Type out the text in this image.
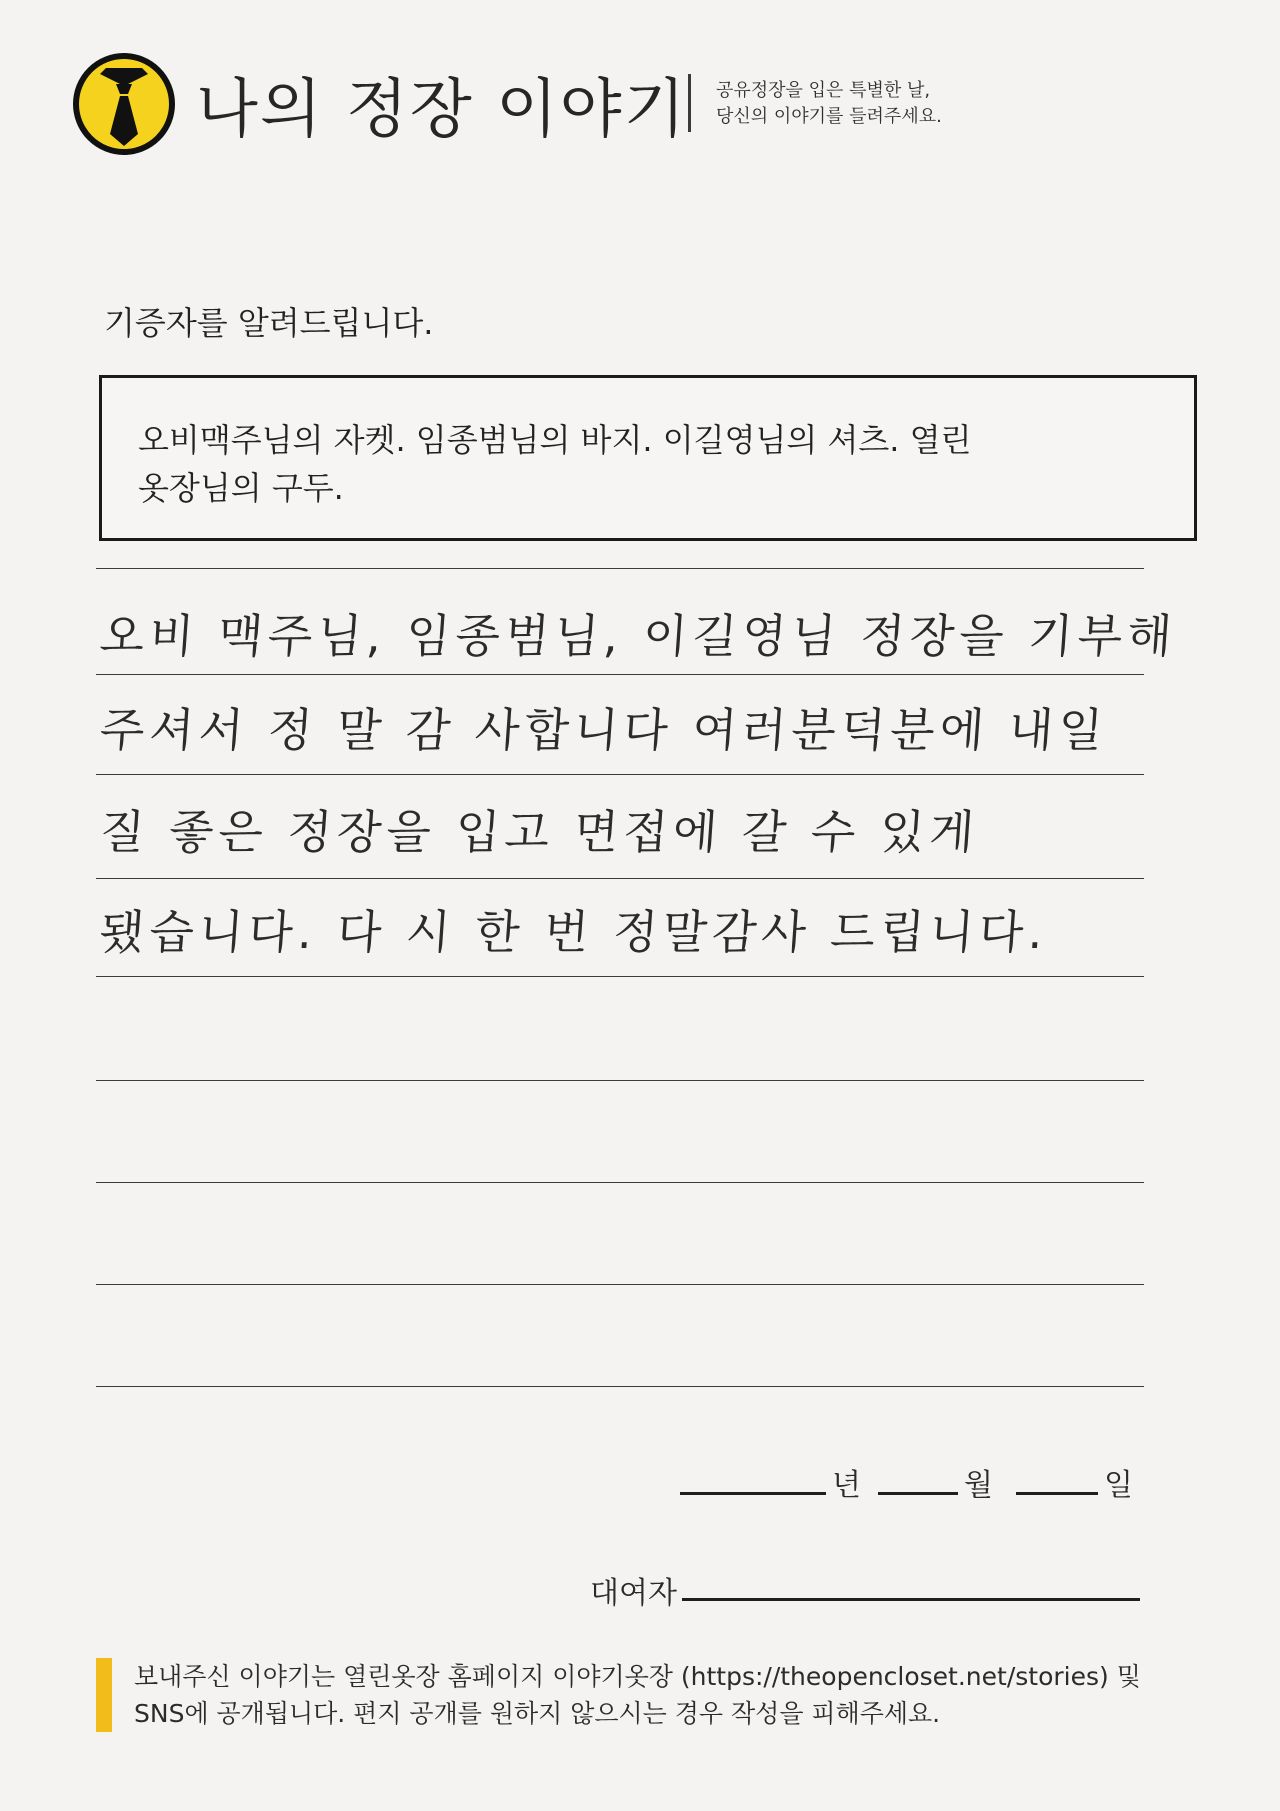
나의 정장 이야기 공유정장을 입은 특별한 날,
당신의 이야기를 들려주세요.
기증자를 알려드립니다.
오비맥주님의 자켓. 임종범님의 바지. 이길영님의 셔츠. 열린
옷장님의 구두.
오비 맥주님, 임종범님, 이길영님 정장을 기부해
주셔서 정 말 감 사합니다 여러분덕분에 내일
질 좋은 정장을 입고 면접에 갈 수 있게
됐습니다. 다 시 한 번 정말감사 드립니다.
년	월	일
대여자
보내주신 이야기는 열린옷장 홈페이지 이야기옷장 (https://theopencloset.net/stories) 및
SNS에 공개됩니다. 편지 공개를 원하지 않으시는 경우 작성을 피해주세요.
